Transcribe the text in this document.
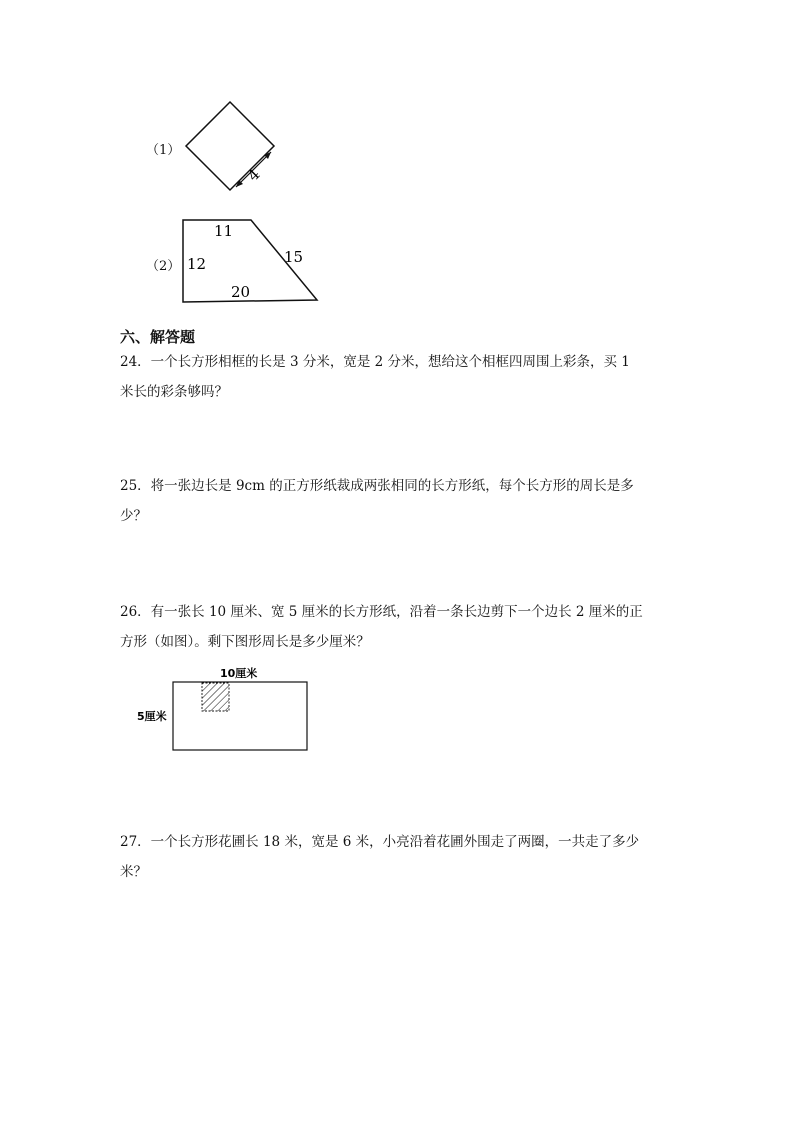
（1）
4
（2）
11
12	15
20
六、解答题
24．一个长方形相框的长是 3 分米，宽是 2 分米，想给这个相框四周围上彩条，买 1
米长的彩条够吗？
25．将一张边长是 9cm 的正方形纸裁成两张相同的长方形纸，每个长方形的周长是多
少？
26．有一张长 10 厘米、宽 5 厘米的长方形纸，沿着一条长边剪下一个边长 2 厘米的正
方形（如图）。剩下图形周长是多少厘米？
10厘米
5厘米
27．一个长方形花圃长 18 米，宽是 6 米，小亮沿着花圃外围走了两圈，一共走了多少
米？
